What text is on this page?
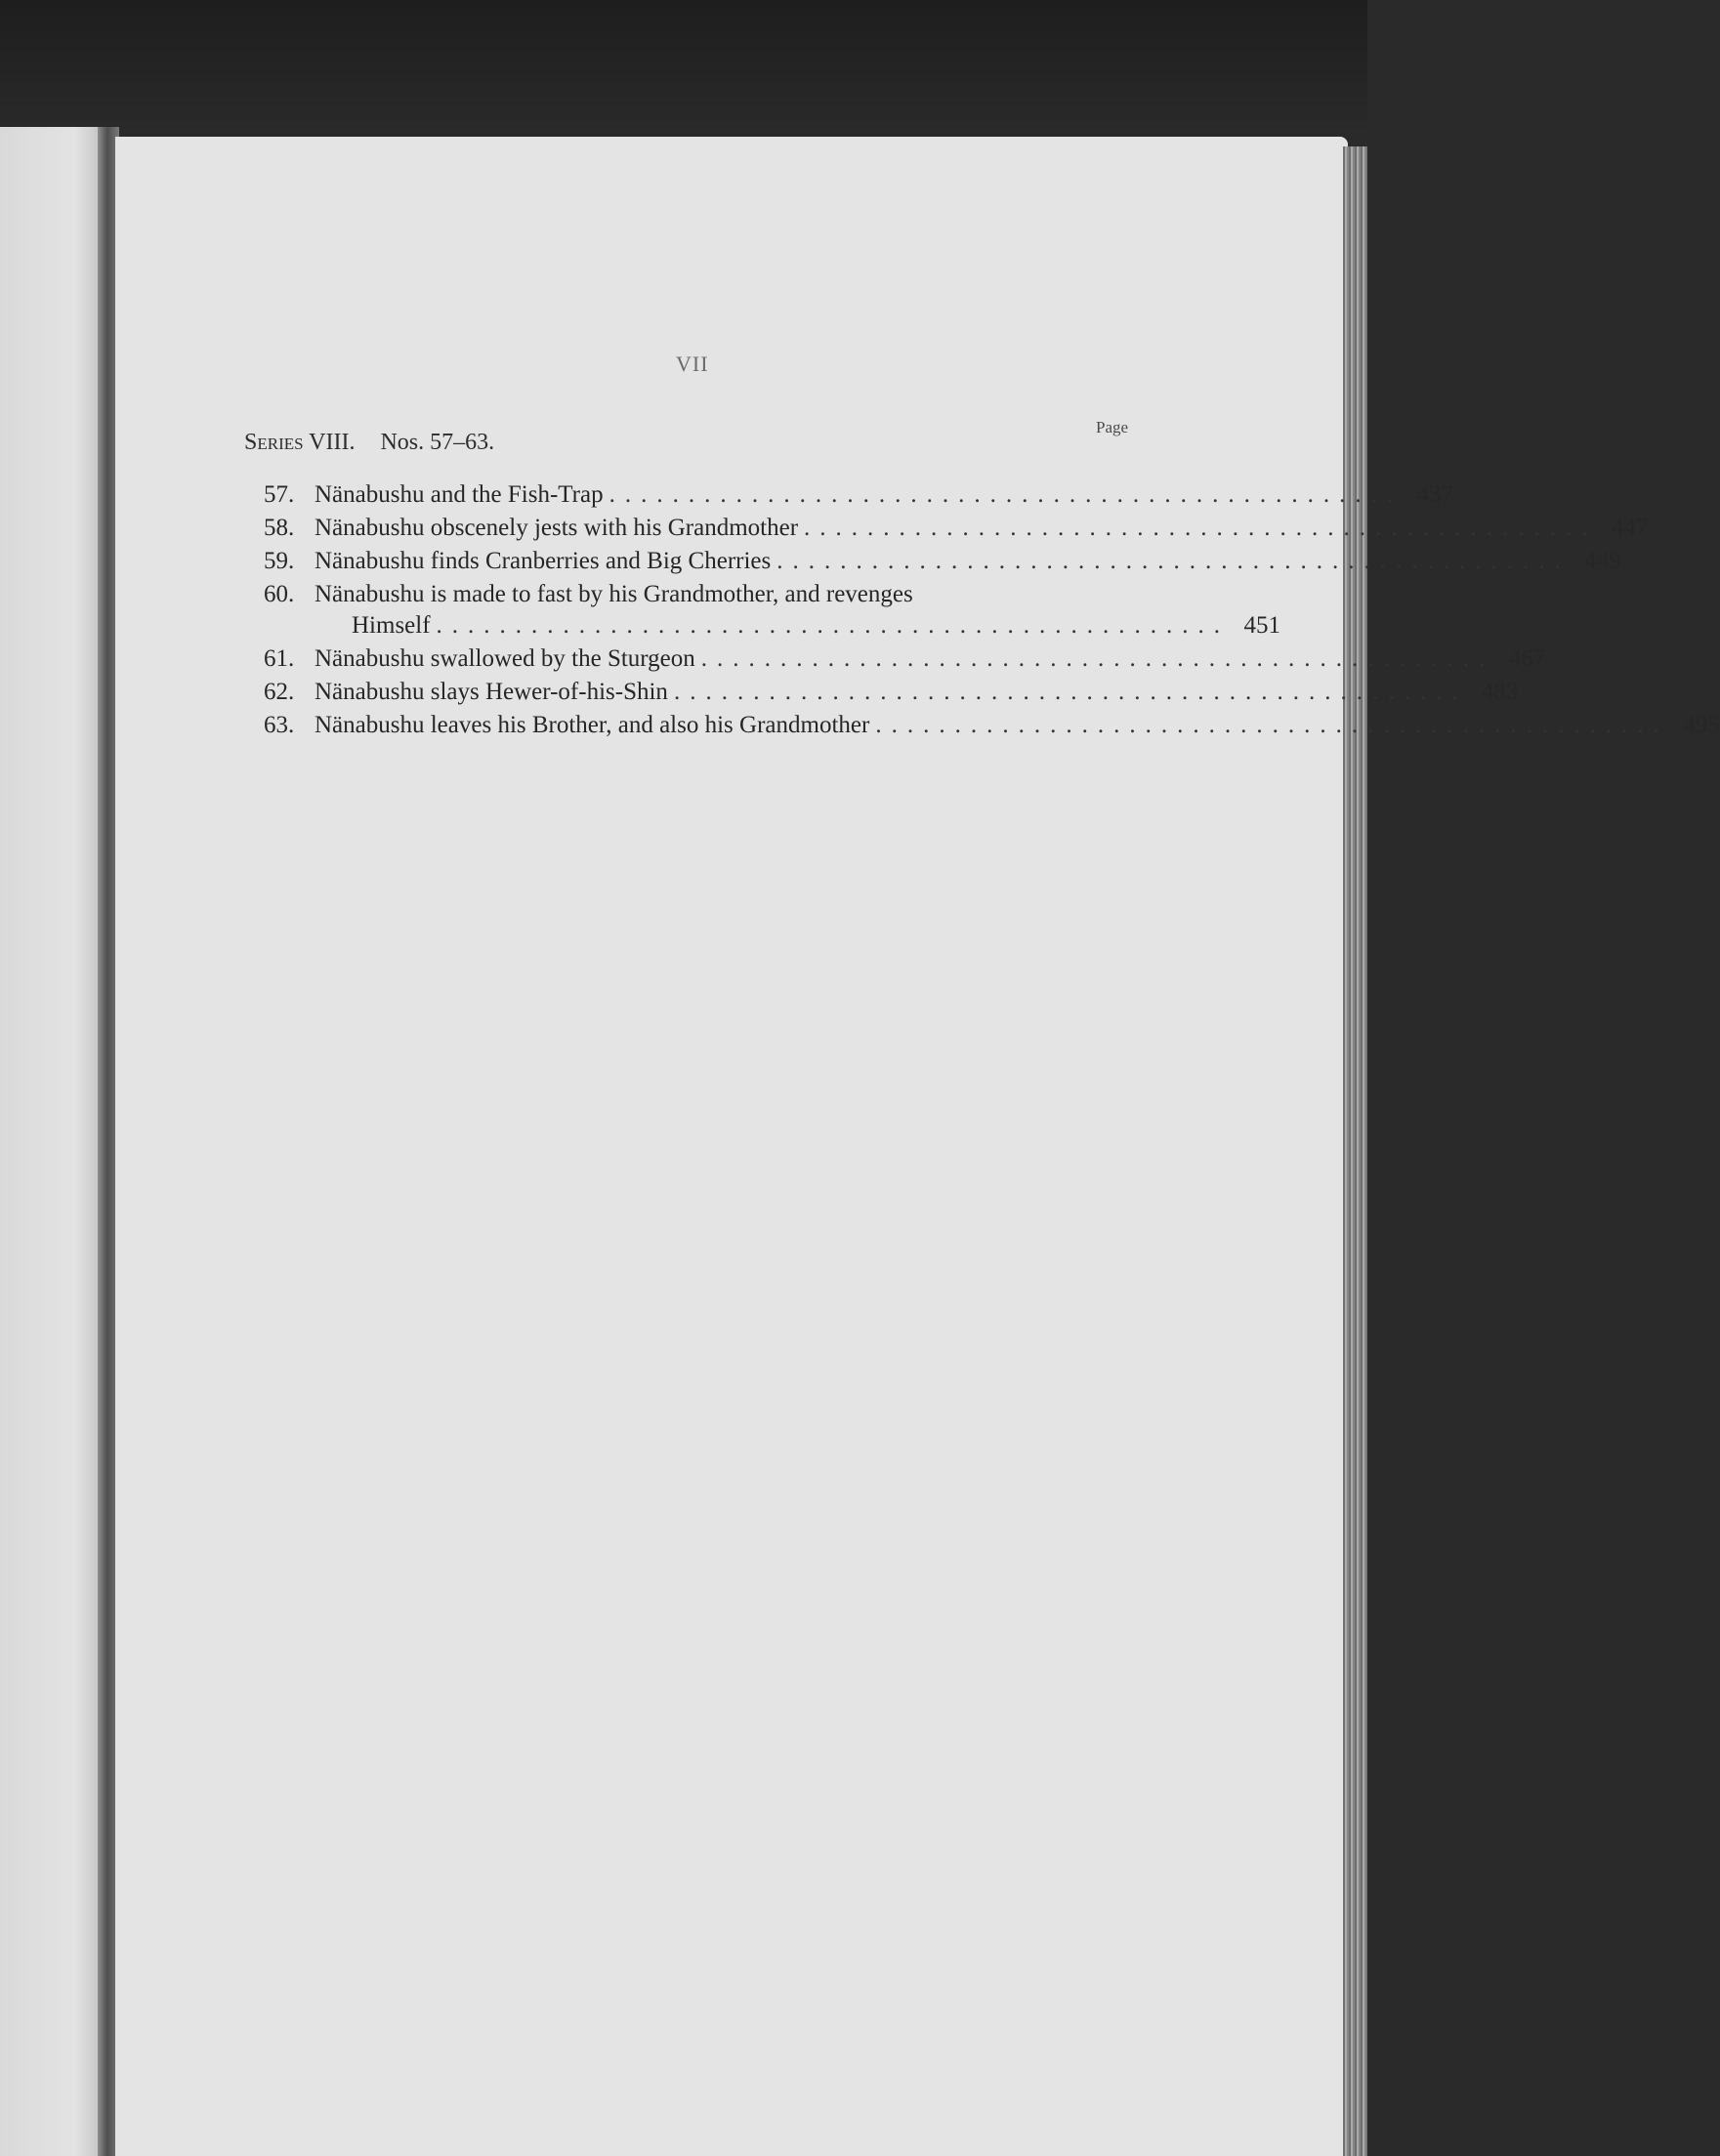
VII
Page
Series VIII. Nos. 57–63.
57. Nänabushu and the Fish-Trap .................................................. 437
58. Nänabushu obscenely jests with his Grandmother .................................................. 447
59. Nänabushu finds Cranberries and Big Cherries .................................................. 449
60. Nänabushu is made to fast by his Grandmother, and revenges
Himself .................................................. 451
61. Nänabushu swallowed by the Sturgeon .................................................. 467
62. Nänabushu slays Hewer-of-his-Shin .................................................. 483
63. Nänabushu leaves his Brother, and also his Grandmother .................................................. 495
